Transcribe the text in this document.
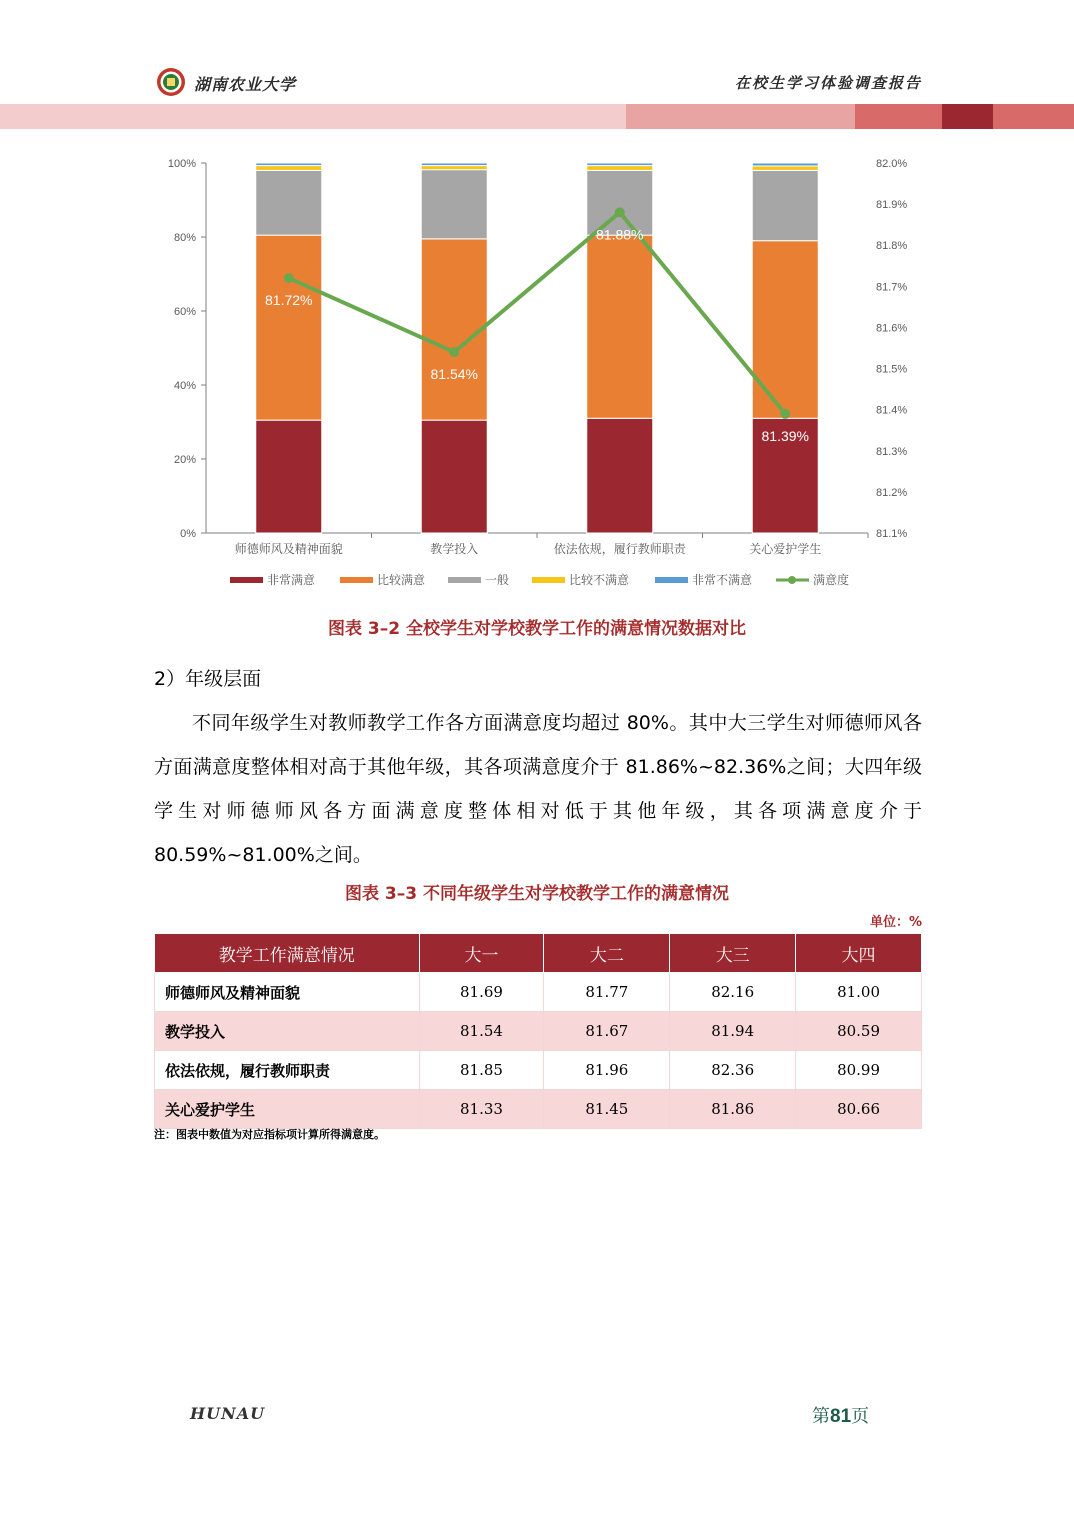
湖南农业大学	在校生学习体验调查报告
0%
20%
40%
60%
80%
100%
81.1%
81.2%
81.3%
81.4%
81.5%
81.6%
81.7%
81.8%
81.9%
82.0%
师德师风及精神面貌	教学投入	依法依规，履行教师职责	关心爱护学生
81.72%
81.54%
81.88%
81.39%
非常满意	比较满意	一般	比较不满意	非常不满意	满意度
图表 3–2 全校学生对学校教学工作的满意情况数据对比
2）年级层面

不同年级学生对教师教学工作各方面满意度均超过 80%。其中大三学生对师德师风各方面满意度整体相对高于其他年级，其各项满意度介于 81.86%~82.36%之间；大四年级学生对师德师风各方面满意度整体相对低于其他年级，其各项满意度介于 80.59%~81.00%之间。

图表 3–3 不同年级学生对学校教学工作的满意情况
单位：%
教学工作满意情况	大一	大二	大三	大四
师德师风及精神面貌	81.69	81.77	82.16	81.00
教学投入	81.54	81.67	81.94	80.59
依法依规，履行教师职责	81.85	81.96	82.36	80.99
关心爱护学生	81.33	81.45	81.86	80.66
注：图表中数值为对应指标项计算所得满意度。
HUNAU	第81页
